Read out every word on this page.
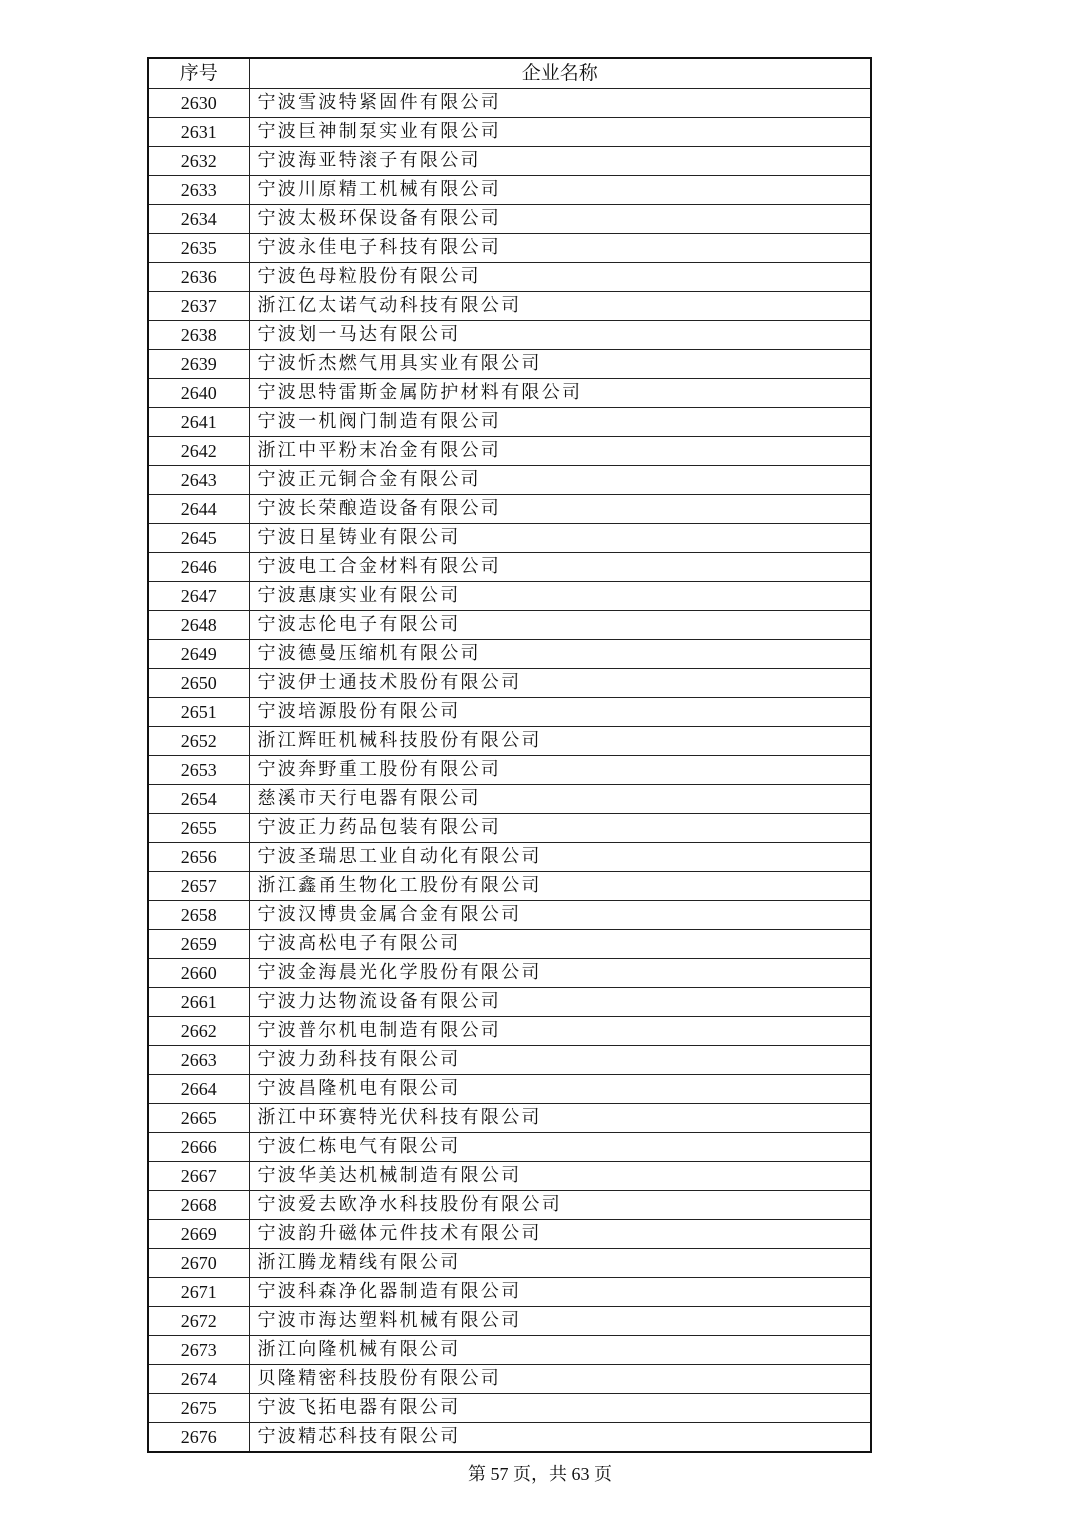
序号	企业名称
2630	宁波雪波特紧固件有限公司
2631	宁波巨神制泵实业有限公司
2632	宁波海亚特滚子有限公司
2633	宁波川原精工机械有限公司
2634	宁波太极环保设备有限公司
2635	宁波永佳电子科技有限公司
2636	宁波色母粒股份有限公司
2637	浙江亿太诺气动科技有限公司
2638	宁波划一马达有限公司
2639	宁波忻杰燃气用具实业有限公司
2640	宁波思特雷斯金属防护材料有限公司
2641	宁波一机阀门制造有限公司
2642	浙江中平粉末冶金有限公司
2643	宁波正元铜合金有限公司
2644	宁波长荣酿造设备有限公司
2645	宁波日星铸业有限公司
2646	宁波电工合金材料有限公司
2647	宁波惠康实业有限公司
2648	宁波志伦电子有限公司
2649	宁波德曼压缩机有限公司
2650	宁波伊士通技术股份有限公司
2651	宁波培源股份有限公司
2652	浙江辉旺机械科技股份有限公司
2653	宁波奔野重工股份有限公司
2654	慈溪市天行电器有限公司
2655	宁波正力药品包装有限公司
2656	宁波圣瑞思工业自动化有限公司
2657	浙江鑫甬生物化工股份有限公司
2658	宁波汉博贵金属合金有限公司
2659	宁波高松电子有限公司
2660	宁波金海晨光化学股份有限公司
2661	宁波力达物流设备有限公司
2662	宁波普尔机电制造有限公司
2663	宁波力劲科技有限公司
2664	宁波昌隆机电有限公司
2665	浙江中环赛特光伏科技有限公司
2666	宁波仁栋电气有限公司
2667	宁波华美达机械制造有限公司
2668	宁波爱去欧净水科技股份有限公司
2669	宁波韵升磁体元件技术有限公司
2670	浙江腾龙精线有限公司
2671	宁波科森净化器制造有限公司
2672	宁波市海达塑料机械有限公司
2673	浙江向隆机械有限公司
2674	贝隆精密科技股份有限公司
2675	宁波飞拓电器有限公司
2676	宁波精芯科技有限公司
第 57 页，共 63 页
